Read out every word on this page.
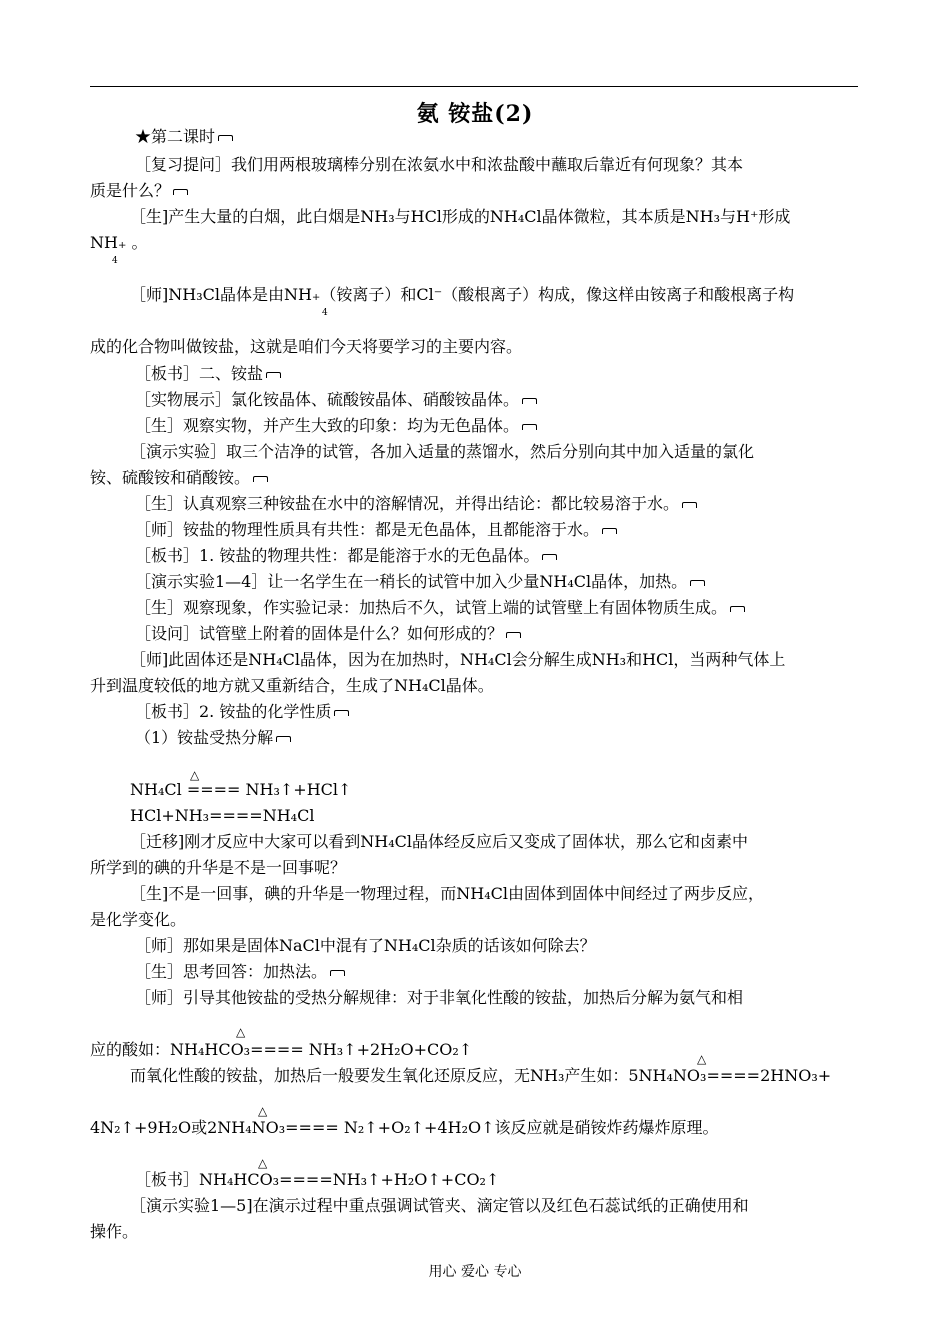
氨 铵盐(2)
★第二课时
［复习提问］我们用两根玻璃棒分别在浓氨水中和浓盐酸中蘸取后靠近有何现象？其本
质是什么？
［生]产生大量的白烟，此白烟是NH₃与HCl形成的NH₄Cl晶体微粒，其本质是NH₃与H⁺形成
NH₊ 。
4
［师]NH₃Cl晶体是由NH₊（铵离子）和Cl⁻（酸根离子）构成，像这样由铵离子和酸根离子构
4
成的化合物叫做铵盐，这就是咱们今天将要学习的主要内容。
［板书］二、铵盐
［实物展示］氯化铵晶体、硫酸铵晶体、硝酸铵晶体。
［生］观察实物，并产生大致的印象：均为无色晶体。
［演示实验］取三个洁净的试管，各加入适量的蒸馏水，然后分别向其中加入适量的氯化
铵、硫酸铵和硝酸铵。
［生］认真观察三种铵盐在水中的溶解情况，并得出结论：都比较易溶于水。
［师］铵盐的物理性质具有共性：都是无色晶体，且都能溶于水。
［板书］1. 铵盐的物理共性：都是能溶于水的无色晶体。
［演示实验1—4］让一名学生在一稍长的试管中加入少量NH₄Cl晶体，加热。
［生］观察现象，作实验记录：加热后不久，试管上端的试管壁上有固体物质生成。
［设问］试管壁上附着的固体是什么？如何形成的？
［师]此固体还是NH₄Cl晶体，因为在加热时，NH₄Cl会分解生成NH₃和HCl，当两种气体上
升到温度较低的地方就又重新结合，生成了NH₄Cl晶体。
［板书］2. 铵盐的化学性质
（1）铵盐受热分解
△
NH₄Cl ==== NH₃↑+HCl↑
HCl+NH₃====NH₄Cl
［迁移]刚才反应中大家可以看到NH₄Cl晶体经反应后又变成了固体状，那么它和卤素中
所学到的碘的升华是不是一回事呢？
［生]不是一回事，碘的升华是一物理过程，而NH₄Cl由固体到固体中间经过了两步反应，
是化学变化。
［师］那如果是固体NaCl中混有了NH₄Cl杂质的话该如何除去？
［生］思考回答：加热法。
［师］引导其他铵盐的受热分解规律：对于非氧化性酸的铵盐，加热后分解为氨气和相
△
应的酸如：NH₄HCO₃==== NH₃↑+2H₂O+CO₂↑	△
而氧化性酸的铵盐，加热后一般要发生氧化还原反应，无NH₃产生如：5NH₄NO₃====2HNO₃+
△
4N₂↑+9H₂O或2NH₄NO₃==== N₂↑+O₂↑+4H₂O↑该反应就是硝铵炸药爆炸原理。
△
［板书］NH₄HCO₃====NH₃↑+H₂O↑+CO₂↑
［演示实验1—5]在演示过程中重点强调试管夹、滴定管以及红色石蕊试纸的正确使用和
操作。
用心 爱心 专心
